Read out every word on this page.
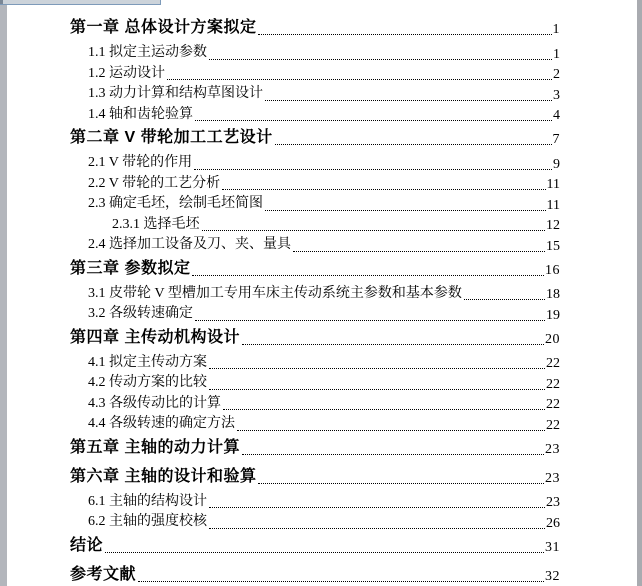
第一章 总体设计方案拟定	1
1.1 拟定主运动参数	1
1.2 运动设计	2
1.3 动力计算和结构草图设计	3
1.4 轴和齿轮验算	4
第二章 V 带轮加工工艺设计	7
2.1 V 带轮的作用	9
2.2 V 带轮的工艺分析	11
2.3 确定毛坯，绘制毛坯简图	11
2.3.1 选择毛坯	12
2.4 选择加工设备及刀、夹、量具	15
第三章 参数拟定	16
3.1 皮带轮 V 型槽加工专用车床主传动系统主参数和基本参数	18
3.2 各级转速确定	19
第四章 主传动机构设计	20
4.1 拟定主传动方案	22
4.2 传动方案的比较	22
4.3 各级传动比的计算	22
4.4 各级转速的确定方法	22
第五章 主轴的动力计算	23
第六章 主轴的设计和验算	23
6.1 主轴的结构设计	23
6.2 主轴的强度校核	26
结论	31
参考文献	32
